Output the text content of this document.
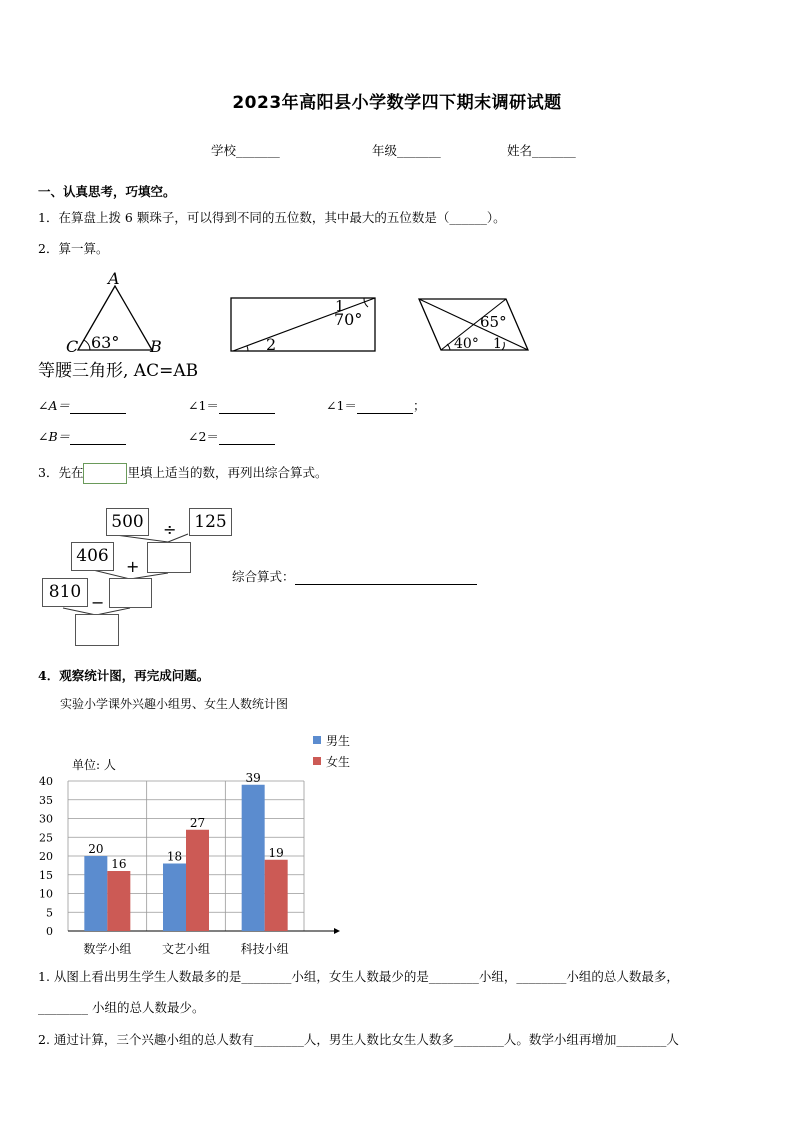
2023年高阳县小学数学四下期末调研试题
学校_______	年级_______	姓名_______
一、认真思考，巧填空。
1．在算盘上拨 6 颗珠子，可以得到不同的五位数，其中最大的五位数是（______）。
2．算一算。
A
C	B
63°
等腰三角形, AC=AB
70°
1
2
65°
40° 1
∠A＝	∠1＝	∠1＝	；
∠B＝	∠2＝
3．先在	里填上适当的数，再列出综合算式。
500	125
÷
406
+
810
−
综合算式：
4．观察统计图，再完成问题。
实验小学课外兴趣小组男、女生人数统计图
0
5
10
15
20
25
30
35
40
单位: 人
20
16
数学小组
18
27
文艺小组
39
19
科技小组
男生
女生
1. 从图上看出男生学生人数最多的是________小组，女生人数最少的是________小组，________小组的总人数最多，
________ 小组的总人数最少。
2. 通过计算，三个兴趣小组的总人数有________人，男生人数比女生人数多________人。数学小组再增加________人
